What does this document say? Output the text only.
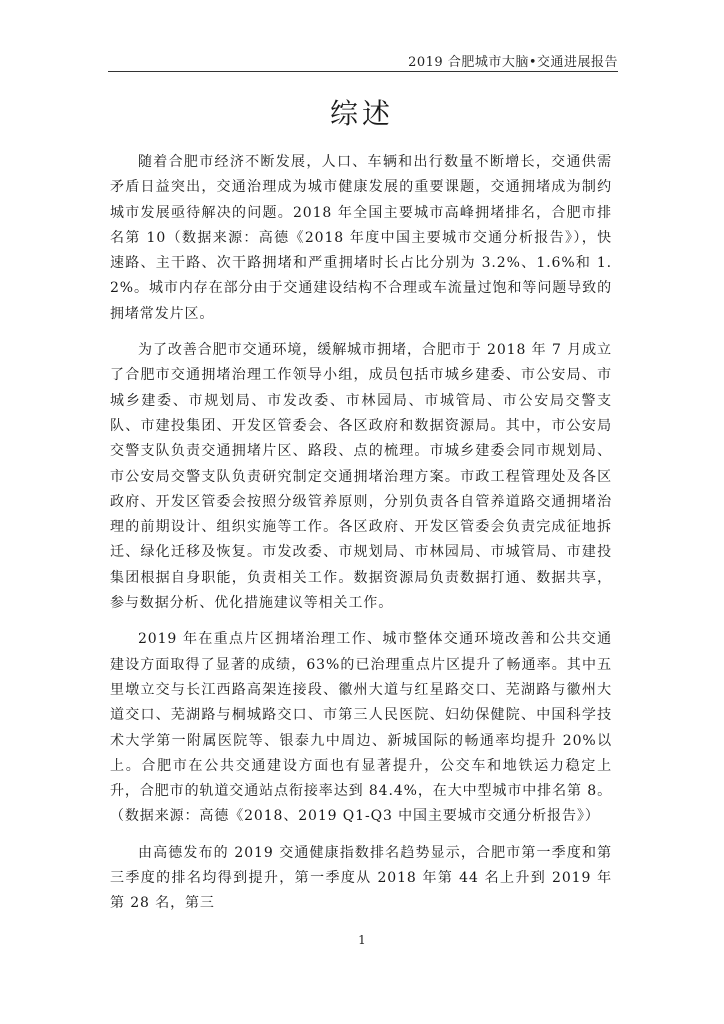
2019 合肥城市大脑•交通进展报告
综述

随着合肥市经济不断发展，人口、车辆和出行数量不断增长，交通供需矛盾日益突出，交通治理成为城市健康发展的重要课题，交通拥堵成为制约城市发展亟待解决的问题。2018 年全国主要城市高峰拥堵排名，合肥市排名第 10（数据来源：高德《2018 年度中国主要城市交通分析报告》），快速路、主干路、次干路拥堵和严重拥堵时长占比分别为 3.2%、1.6%和 1.2%。城市内存在部分由于交通建设结构不合理或车流量过饱和等问题导致的拥堵常发片区。

为了改善合肥市交通环境，缓解城市拥堵，合肥市于 2018 年 7 月成立了合肥市交通拥堵治理工作领导小组，成员包括市城乡建委、市公安局、市城乡建委、市规划局、市发改委、市林园局、市城管局、市公安局交警支队、市建投集团、开发区管委会、各区政府和数据资源局。其中，市公安局交警支队负责交通拥堵片区、路段、点的梳理。市城乡建委会同市规划局、市公安局交警支队负责研究制定交通拥堵治理方案。市政工程管理处及各区政府、开发区管委会按照分级管养原则，分别负责各自管养道路交通拥堵治理的前期设计、组织实施等工作。各区政府、开发区管委会负责完成征地拆迁、绿化迁移及恢复。市发改委、市规划局、市林园局、市城管局、市建投集团根据自身职能，负责相关工作。数据资源局负责数据打通、数据共享，参与数据分析、优化措施建议等相关工作。

2019 年在重点片区拥堵治理工作、城市整体交通环境改善和公共交通建设方面取得了显著的成绩，63%的已治理重点片区提升了畅通率。其中五里墩立交与长江西路高架连接段、徽州大道与红星路交口、芜湖路与徽州大道交口、芜湖路与桐城路交口、市第三人民医院、妇幼保健院、中国科学技术大学第一附属医院等、银泰九中周边、新城国际的畅通率均提升 20%以上。合肥市在公共交通建设方面也有显著提升，公交车和地铁运力稳定上升，合肥市的轨道交通站点衔接率达到 84.4%，在大中型城市中排名第 8。（数据来源：高德《2018、2019 Q1-Q3 中国主要城市交通分析报告》）

由高德发布的 2019 交通健康指数排名趋势显示，合肥市第一季度和第三季度的排名均得到提升，第一季度从 2018 年第 44 名上升到 2019 年第 28 名，第三

1
